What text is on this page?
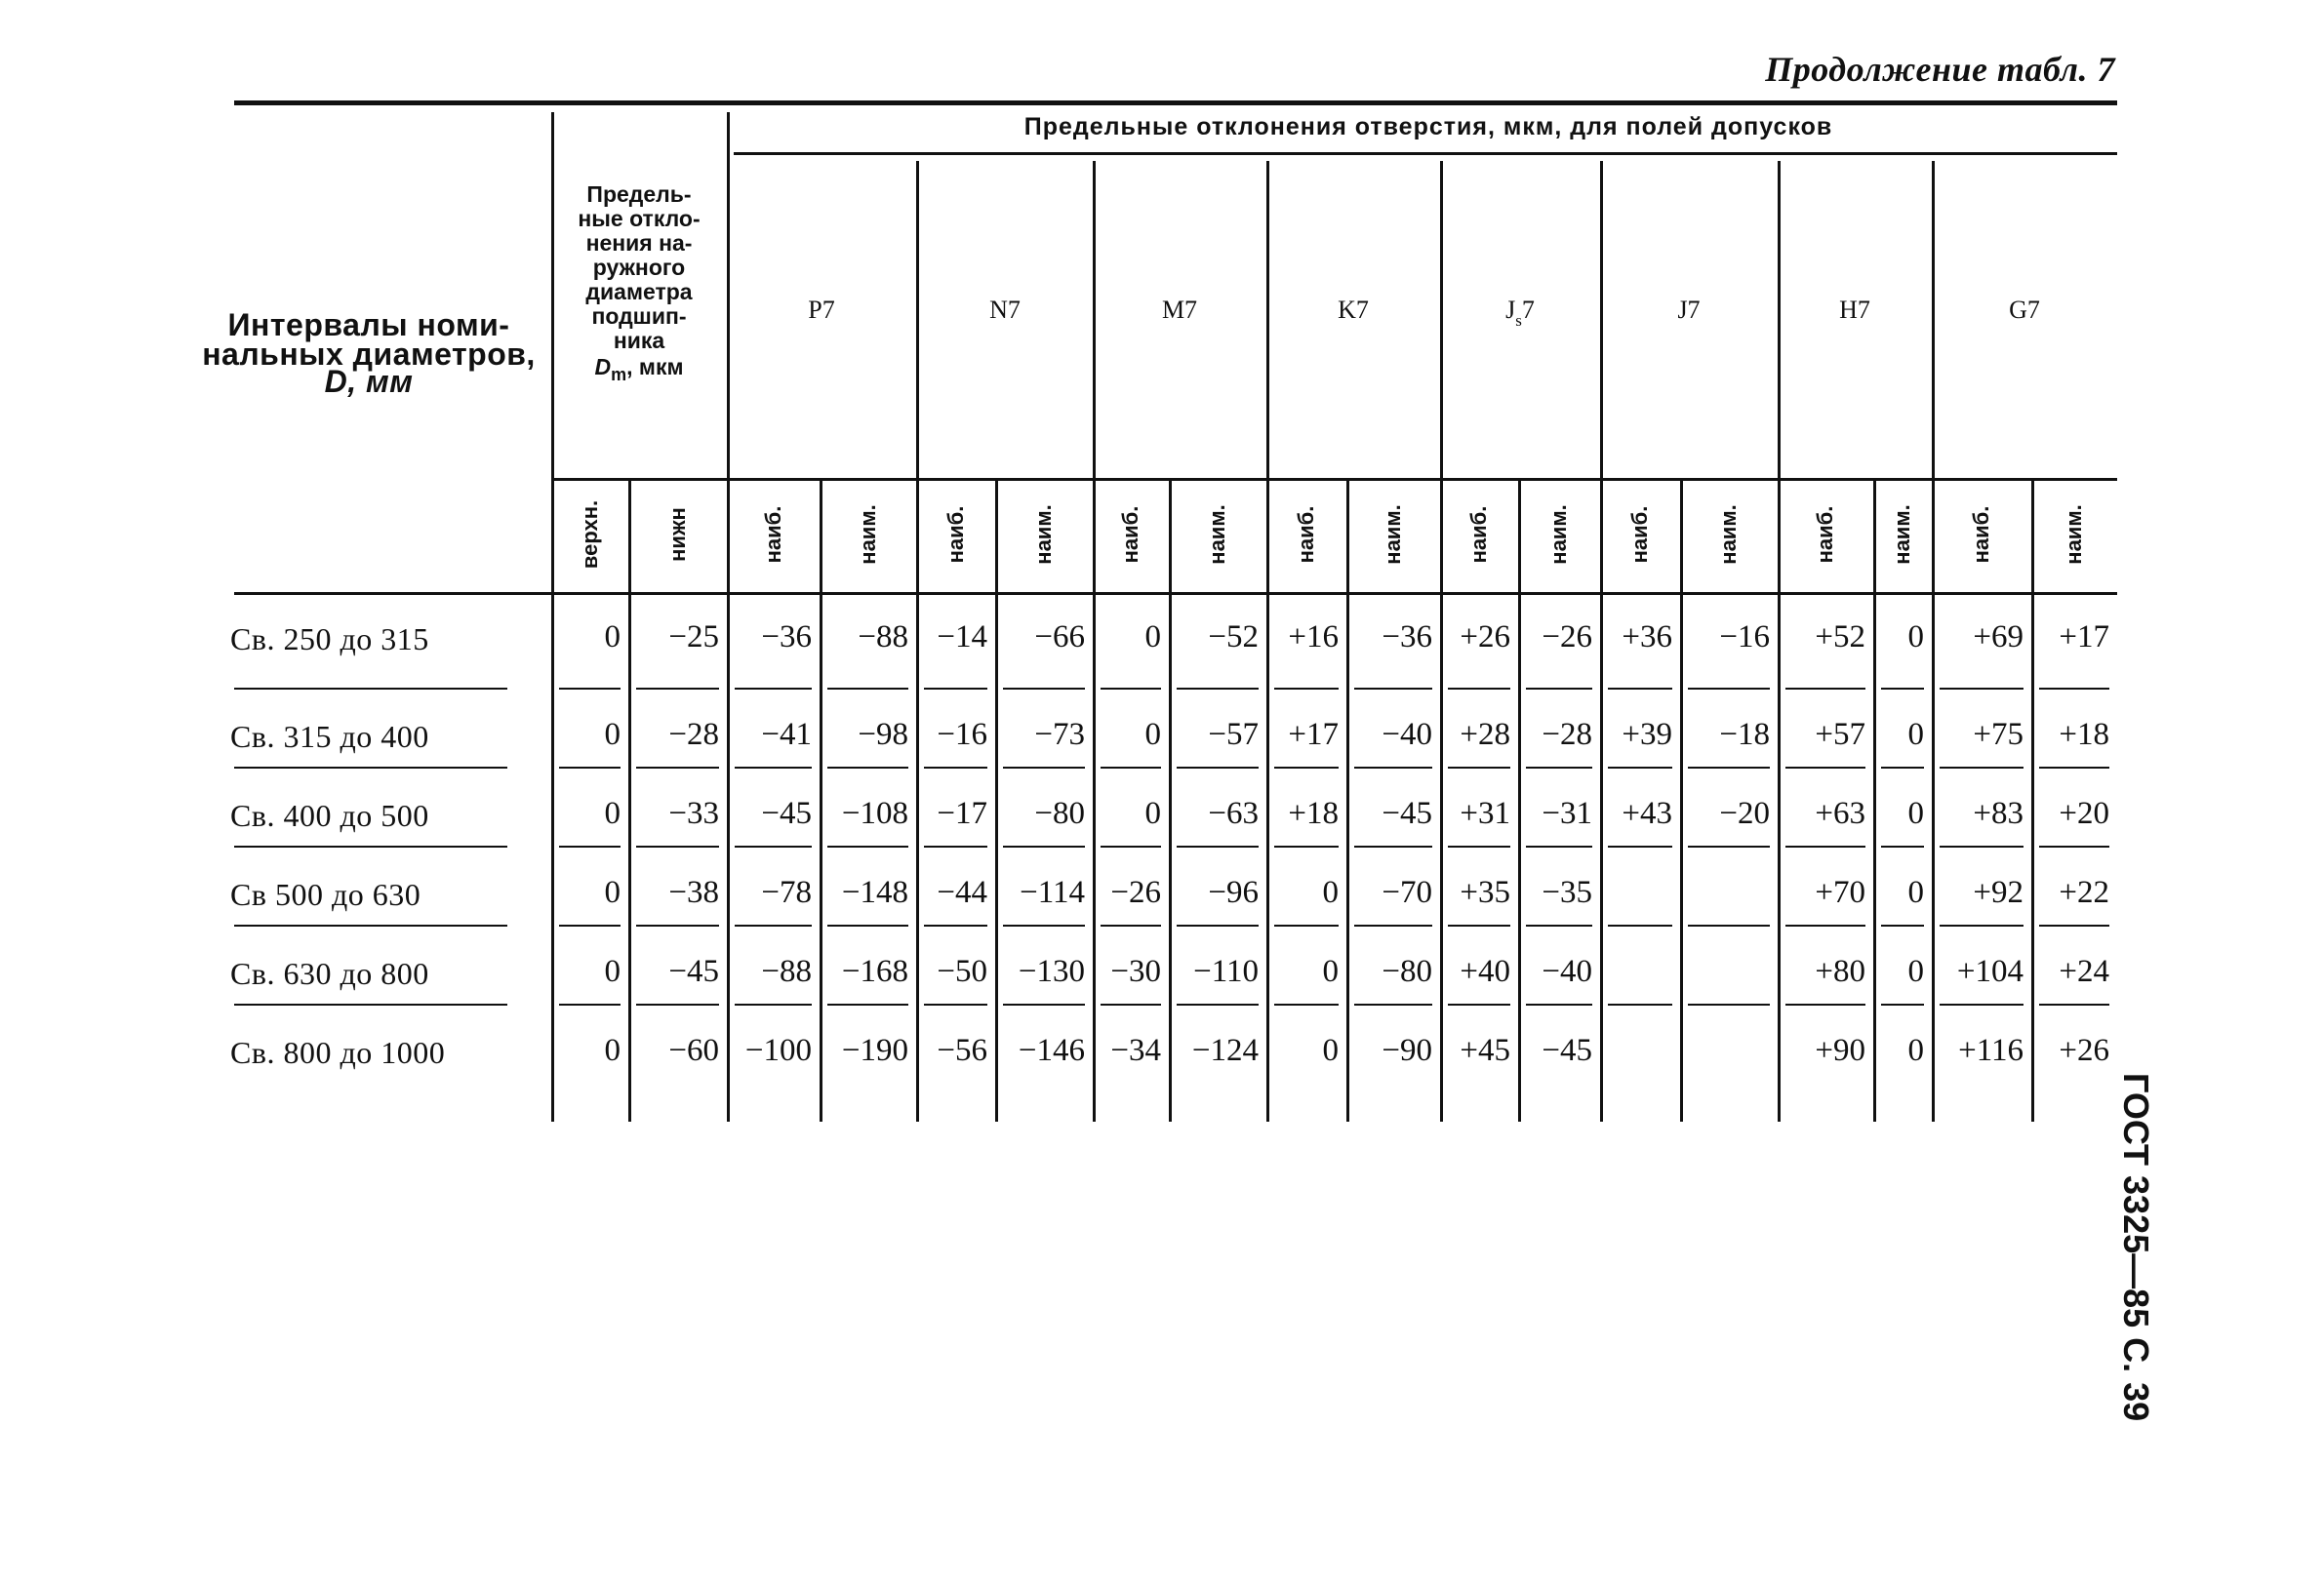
Продолжение табл. 7
ГОСТ 3325—85 С. 39
Интервалы номи-
нальных диаметров,
D, мм
Предель-
ные откло-
нения на-
ружного
диаметра
подшип-
ника
$D_m$, мкм
Предельные отклонения отверстия, мкм, для полей допусков
P7	N7	M7	K7	$J_s7$	J7	H7	G7
верхн.	нижн	наиб.	наим.	наиб.	наим.	наиб.	наим.	наиб.	наим.	наиб.	наим.	наиб.	наим.	наиб. наим.	наиб.	наим.
Св. 250 до 315	0 −25 −36 −88 −14 −66 0 −52 +16 −36 +26 −26 +36 −16 +52 0 +69 +17
Св. 315 до 400	0 −28 −41 −98 −16 −73 0 −57 +17 −40 +28 −28 +39 −18 +57 0 +75 +18
Св. 400 до 500	0 −33 −45 −108 −17 −80 0 −63 +18 −45 +31 −31 +43 −20 +63 0 +83 +20
Св 500 до 630	0 −38 −78 −148 −44 −114 −26 −96 0 −70 +35 −35	+70 0 +92 +22
Св. 630 до 800	0 −45 −88 −168 −50 −130 −30 −110 0 −80 +40 −40	+80 0 +104 +24
Св. 800 до 1000	0 −60 −100 −190 −56 −146 −34 −124 0 −90 +45 −45	+90 0 +116 +26
